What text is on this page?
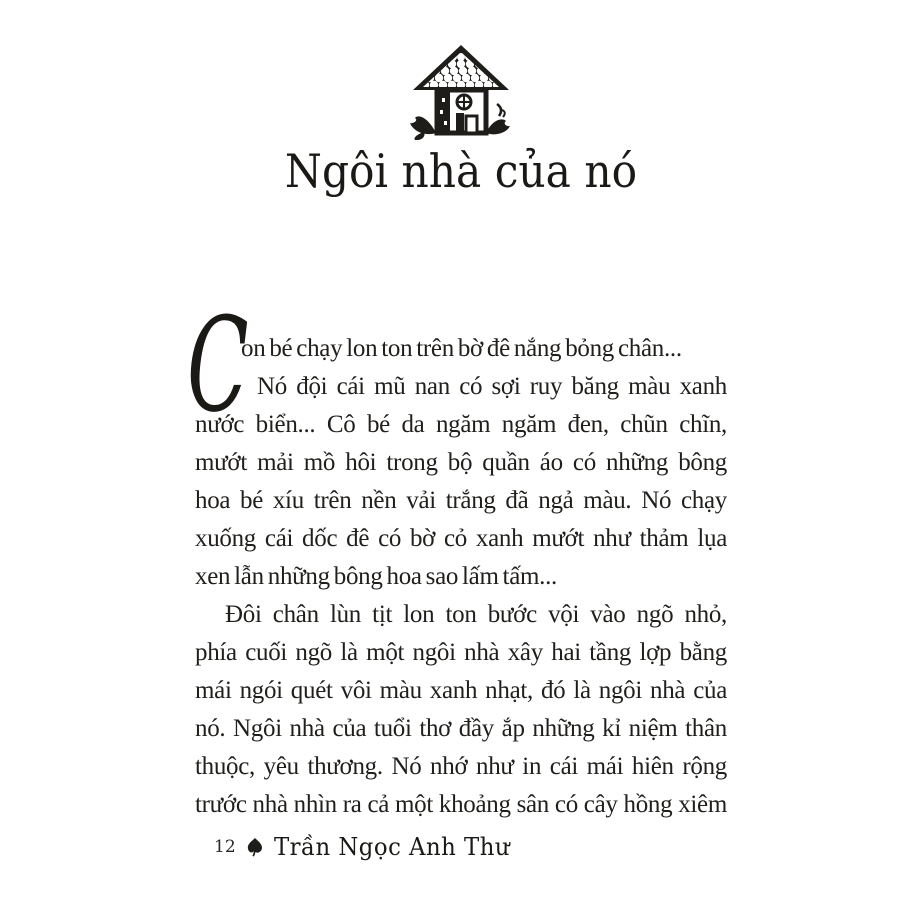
Ngôi nhà của nó
C
on bé chạy lon ton trên bờ đê nắng bỏng chân...
Nó đội cái mũ nan có sợi ruy băng màu xanh
nước biển... Cô bé da ngăm ngăm đen, chũn chĩn,
mướt mải mồ hôi trong bộ quần áo có những bông
hoa bé xíu trên nền vải trắng đã ngả màu. Nó chạy
xuống cái dốc đê có bờ cỏ xanh mướt như thảm lụa
xen lẫn những bông hoa sao lấm tấm...
Đôi chân lùn tịt lon ton bước vội vào ngõ nhỏ,
phía cuối ngõ là một ngôi nhà xây hai tầng lợp bằng
mái ngói quét vôi màu xanh nhạt, đó là ngôi nhà của
nó. Ngôi nhà của tuổi thơ đầy ắp những kỉ niệm thân
thuộc, yêu thương. Nó nhớ như in cái mái hiên rộng
trước nhà nhìn ra cả một khoảng sân có cây hồng xiêm
12 Trần Ngọc Anh Thư
